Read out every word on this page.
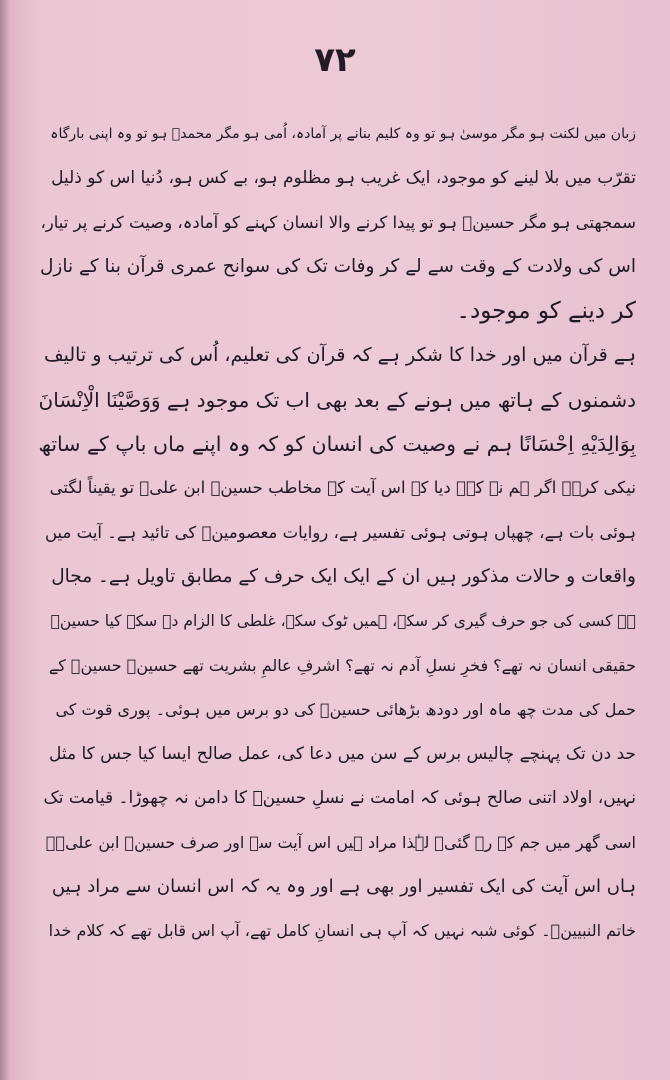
۷۲
زبان میں لکنت ہو مگر موسیٰ ہو تو وہ کلیم بنانے پر آمادہ، اُمی ہو مگر محمدؐ ہو تو وہ اپنی بارگاہ
تقرّب میں بلا لینے کو موجود، ایک غریب ہو مظلوم ہو، بے کس ہو، دُنیا اس کو ذلیل
سمجھتی ہو مگر حسینؑ ہو تو پیدا کرنے والا انسان کہنے کو آمادہ، وصیت کرنے پر تیار،
اس کی ولادت کے وقت سے لے کر وفات تک کی سوانح عمری قرآن بنا کے نازل
کر دینے کو موجود۔
ہے قرآن میں اور خدا کا شکر ہے کہ قرآن کی تعلیم، اُس کی ترتیب و تالیف
دشمنوں کے ہاتھ میں ہونے کے بعد بھی اب تک موجود ہے وَوَصَّیْنَا الْاِنْسَانَ
بِوَالِدَیْهِ اِحْسَانًا ہم نے وصیت کی انسان کو کہ وہ اپنے ماں باپ کے ساتھ
نیکی کرے۔ اگر ہم نے کہہ دیا کہ اس آیت کے مخاطب حسینؑ ابن علیؑ تو یقیناً لگتی
ہوئی بات ہے، چھپاں ہوتی ہوئی تفسیر ہے، روایات معصومینؑ کی تائید ہے۔ آیت میں
واقعات و حالات مذکور ہیں ان کے ایک ایک حرف کے مطابق تاویل ہے۔ مجال
ہے کسی کی جو حرف گیری کر سکے، ہمیں ٹوک سکے، غلطی کا الزام دے سکے کیا حسینؑ
حقیقی انسان نہ تھے؟ فخرِ نسلِ آدم نہ تھے؟ اشرفِ عالمِ بشریت تھے حسینؑ حسینؑ کے
حمل کی مدت چھ ماہ اور دودھ بڑھائی حسینؑ کی دو برس میں ہوئی۔ پوری قوت کی
حد دن تک پہنچے چالیس برس کے سن میں دعا کی، عمل صالح ایسا کیا جس کا مثل
نہیں، اولاد اتنی صالح ہوئی کہ امامت نے نسلِ حسینؑ کا دامن نہ چھوڑا۔ قیامت تک
اسی گھر میں جم کے رہ گئی۔ لہٰذا مراد ہیں اس آیت سے اور صرف حسینؑ ابن علیؑ۔
ہاں اس آیت کی ایک تفسیر اور بھی ہے اور وہ یہ کہ اس انسان سے مراد ہیں
خاتم النبیینؐ۔ کوئی شبہ نہیں کہ آپ ہی انسانِ کامل تھے، آپ اس قابل تھے کہ کلام خدا
